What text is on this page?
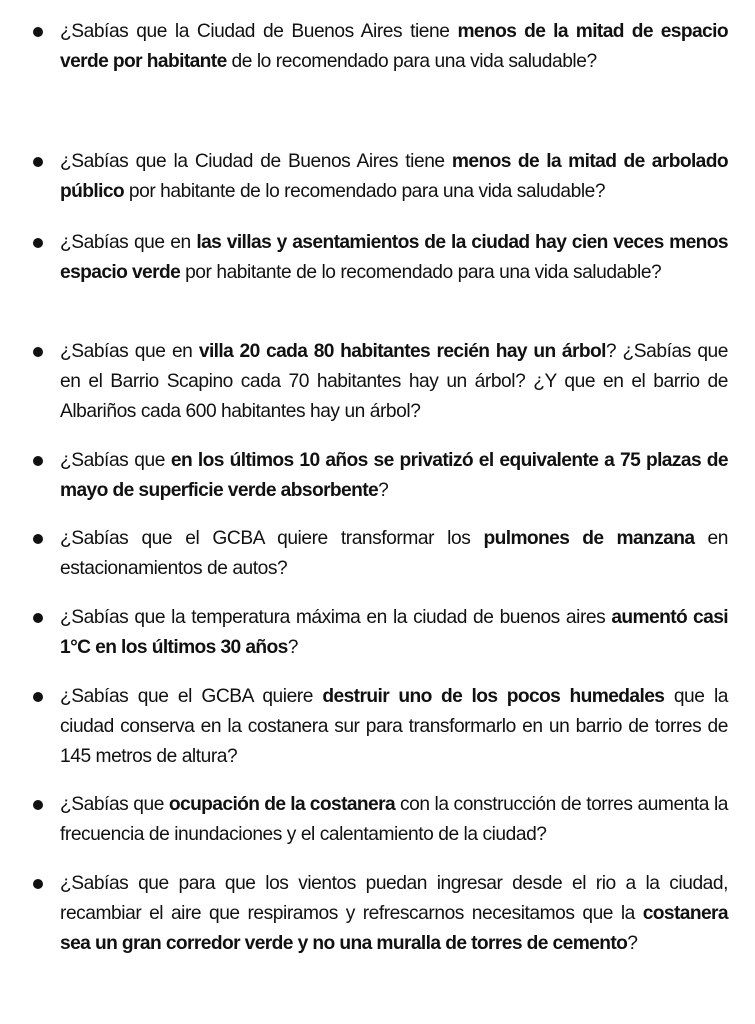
¿Sabías que la Ciudad de Buenos Aires tiene menos de la mitad de espacio verde por habitante de lo recomendado para una vida saludable?
¿Sabías que la Ciudad de Buenos Aires tiene menos de la mitad de arbolado público por habitante de lo recomendado para una vida saludable?
¿Sabías que en las villas y asentamientos de la ciudad hay cien veces menos espacio verde por habitante de lo recomendado para una vida saludable?
¿Sabías que en villa 20 cada 80 habitantes recién hay un árbol? ¿Sabías que en el Barrio Scapino cada 70 habitantes hay un árbol? ¿Y que en el barrio de Albariños cada 600 habitantes hay un árbol?
¿Sabías que en los últimos 10 años se privatizó el equivalente a 75 plazas de mayo de superficie verde absorbente?
¿Sabías que el GCBA quiere transformar los pulmones de manzana en estacionamientos de autos?
¿Sabías que la temperatura máxima en la ciudad de buenos aires aumentó casi 1°C en los últimos 30 años?
¿Sabías que el GCBA quiere destruir uno de los pocos humedales que la ciudad conserva en la costanera sur para transformarlo en un barrio de torres de 145 metros de altura?
¿Sabías que ocupación de la costanera con la construcción de torres aumenta la frecuencia de inundaciones y el calentamiento de la ciudad?
¿Sabías que para que los vientos puedan ingresar desde el rio a la ciudad, recambiar el aire que respiramos y refrescarnos necesitamos que la costanera sea un gran corredor verde y no una muralla de torres de cemento?
